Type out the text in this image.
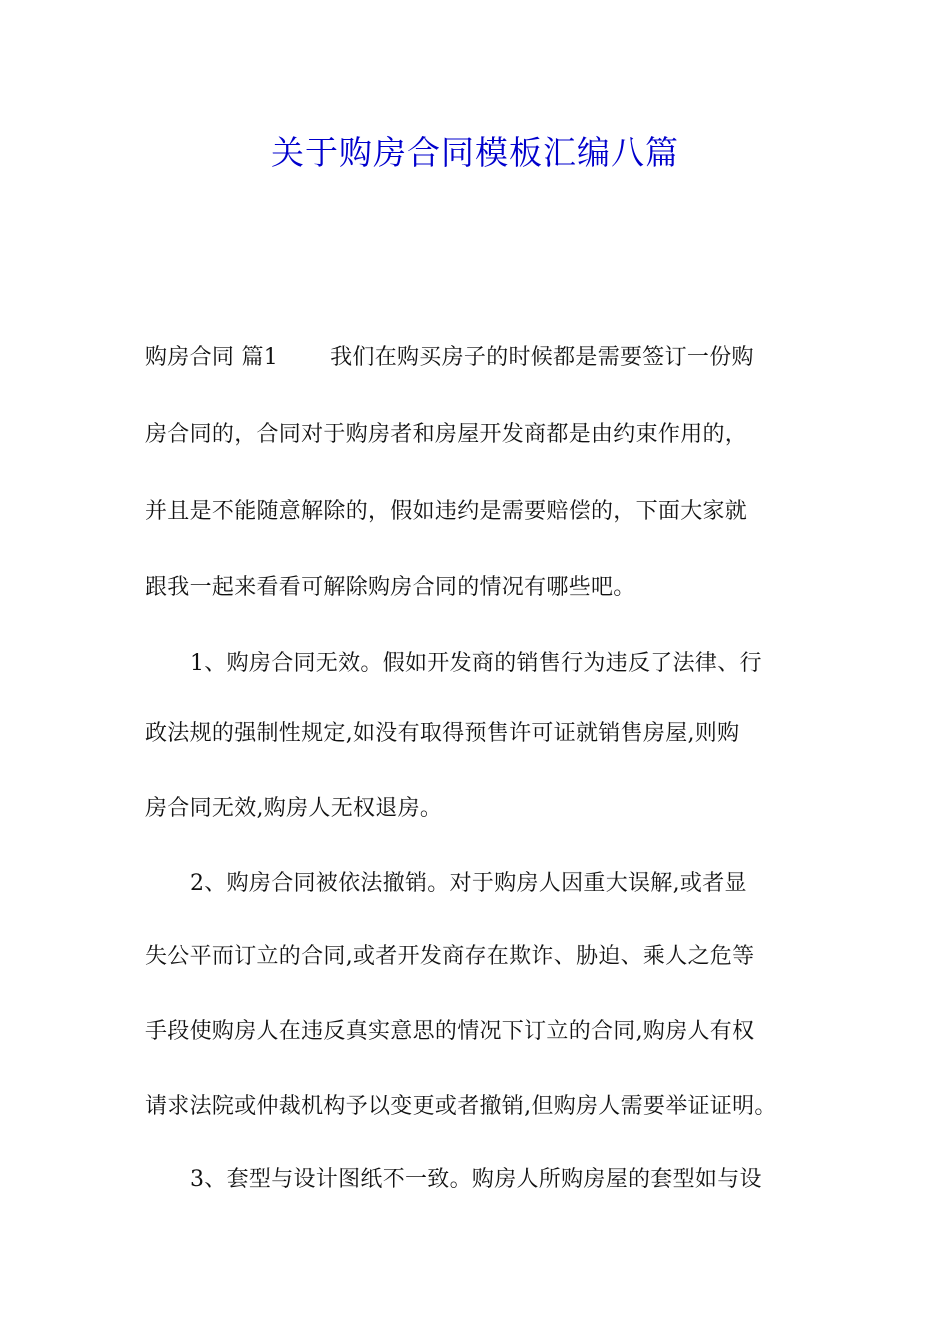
关于购房合同模板汇编八篇
购房合同 篇1 我们在购买房子的时候都是需要签订一份购
房合同的，合同对于购房者和房屋开发商都是由约束作用的，
并且是不能随意解除的，假如违约是需要赔偿的，下面大家就
跟我一起来看看可解除购房合同的情况有哪些吧。
1、购房合同无效。假如开发商的销售行为违反了法律、行
政法规的强制性规定,如没有取得预售许可证就销售房屋,则购
房合同无效,购房人无权退房。
2、购房合同被依法撤销。对于购房人因重大误解,或者显
失公平而订立的合同,或者开发商存在欺诈、胁迫、乘人之危等
手段使购房人在违反真实意思的情况下订立的合同,购房人有权
请求法院或仲裁机构予以变更或者撤销,但购房人需要举证证明。
3、套型与设计图纸不一致。购房人所购房屋的套型如与设
